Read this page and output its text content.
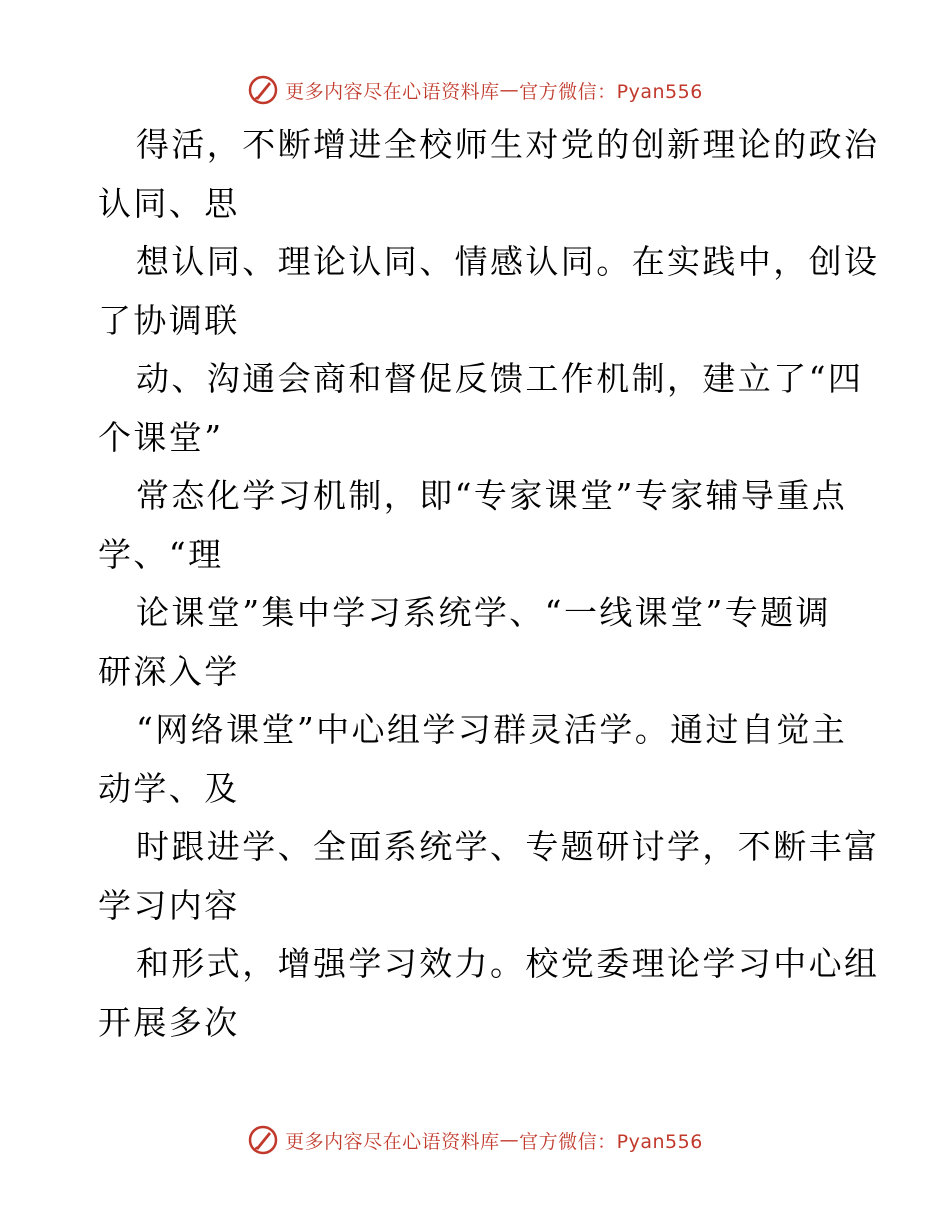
更多内容尽在心语资料库 — 官方微信：Pyan556
得活，不断增进全校师生对党的创新理论的政治
认同、思
想认同、理论认同、情感认同。在实践中，创设
了协调联
动、沟通会商和督促反馈工作机制，建立了“四
个课堂”
常态化学习机制，即“专家课堂”专家辅导重点
学、“理
论课堂”集中学习系统学、“一线课堂”专题调
研深入学
“网络课堂”中心组学习群灵活学。通过自觉主
动学、及
时跟进学、全面系统学、专题研讨学，不断丰富
学习内容
和形式，增强学习效力。校党委理论学习中心组
开展多次
更多内容尽在心语资料库 — 官方微信：Pyan556
